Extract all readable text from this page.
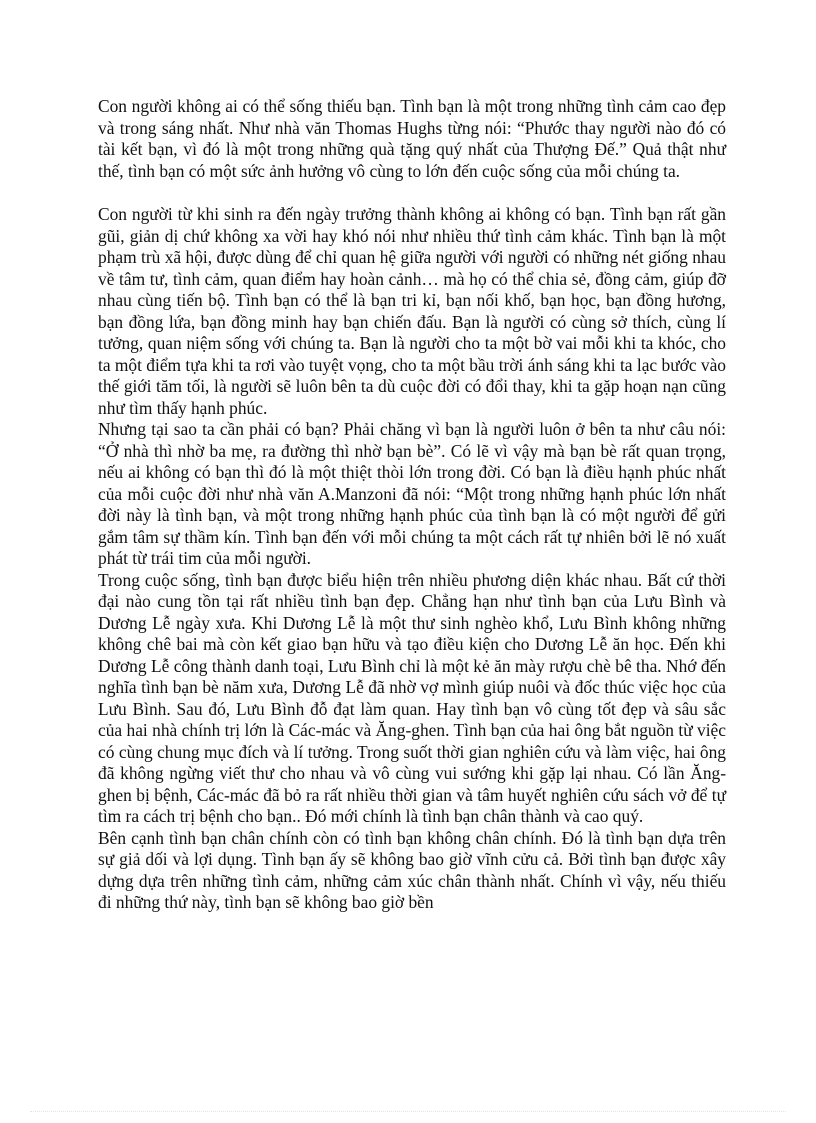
Con người không ai có thể sống thiếu bạn. Tình bạn là một trong những tình cảm cao đẹp và trong sáng nhất. Như nhà văn Thomas Hughs từng nói: “Phước thay người nào đó có tài kết bạn, vì đó là một trong những quà tặng quý nhất của Thượng Đế.” Quả thật như thế, tình bạn có một sức ảnh hưởng vô cùng to lớn đến cuộc sống của mỗi chúng ta.

Con người từ khi sinh ra đến ngày trưởng thành không ai không có bạn. Tình bạn rất gần gũi, giản dị chứ không xa vời hay khó nói như nhiều thứ tình cảm khác. Tình bạn là một phạm trù xã hội, được dùng để chỉ quan hệ giữa người với người có những nét giống nhau về tâm tư, tình cảm, quan điểm hay hoàn cảnh… mà họ có thể chia sẻ, đồng cảm, giúp đỡ nhau cùng tiến bộ. Tình bạn có thể là bạn tri kỉ, bạn nối khố, bạn học, bạn đồng hương, bạn đồng lứa, bạn đồng minh hay bạn chiến đấu. Bạn là người có cùng sở thích, cùng lí tưởng, quan niệm sống với chúng ta. Bạn là người cho ta một bờ vai mỗi khi ta khóc, cho ta một điểm tựa khi ta rơi vào tuyệt vọng, cho ta một bầu trời ánh sáng khi ta lạc bước vào thế giới tăm tối, là người sẽ luôn bên ta dù cuộc đời có đổi thay, khi ta gặp hoạn nạn cũng như tìm thấy hạnh phúc.

Nhưng tại sao ta cần phải có bạn? Phải chăng vì bạn là người luôn ở bên ta như câu nói: “Ở nhà thì nhờ ba mẹ, ra đường thì nhờ bạn bè”. Có lẽ vì vậy mà bạn bè rất quan trọng, nếu ai không có bạn thì đó là một thiệt thòi lớn trong đời. Có bạn là điều hạnh phúc nhất của mỗi cuộc đời như nhà văn A.Manzoni đã nói: “Một trong những hạnh phúc lớn nhất đời này là tình bạn, và một trong những hạnh phúc của tình bạn là có một người để gửi gắm tâm sự thầm kín. Tình bạn đến với mỗi chúng ta một cách rất tự nhiên bởi lẽ nó xuất phát từ trái tim của mỗi người.

Trong cuộc sống, tình bạn được biểu hiện trên nhiều phương diện khác nhau. Bất cứ thời đại nào cung tồn tại rất nhiều tình bạn đẹp. Chẳng hạn như tình bạn của Lưu Bình và Dương Lễ ngày xưa. Khi Dương Lễ là một thư sinh nghèo khổ, Lưu Bình không những không chê bai mà còn kết giao bạn hữu và tạo điều kiện cho Dương Lễ ăn học. Đến khi Dương Lễ công thành danh toại, Lưu Bình chỉ là một kẻ ăn mày rượu chè bê tha. Nhớ đến nghĩa tình bạn bè năm xưa, Dương Lễ đã nhờ vợ mình giúp nuôi và đốc thúc việc học của Lưu Bình. Sau đó, Lưu Bình đỗ đạt làm quan. Hay tình bạn vô cùng tốt đẹp và sâu sắc của hai nhà chính trị lớn là Các-mác và Ăng-ghen. Tình bạn của hai ông bắt nguồn từ việc có cùng chung mục đích và lí tưởng. Trong suốt thời gian nghiên cứu và làm việc, hai ông đã không ngừng viết thư cho nhau và vô cùng vui sướng khi gặp lại nhau. Có lần Ăng-ghen bị bệnh, Các-mác đã bỏ ra rất nhiều thời gian và tâm huyết nghiên cứu sách vở để tự tìm ra cách trị bệnh cho bạn.. Đó mới chính là tình bạn chân thành và cao quý.

Bên cạnh tình bạn chân chính còn có tình bạn không chân chính. Đó là tình bạn dựa trên sự giả dối và lợi dụng. Tình bạn ấy sẽ không bao giờ vĩnh cửu cả. Bởi tình bạn được xây dựng dựa trên những tình cảm, những cảm xúc chân thành nhất. Chính vì vậy, nếu thiếu đi những thứ này, tình bạn sẽ không bao giờ bền
